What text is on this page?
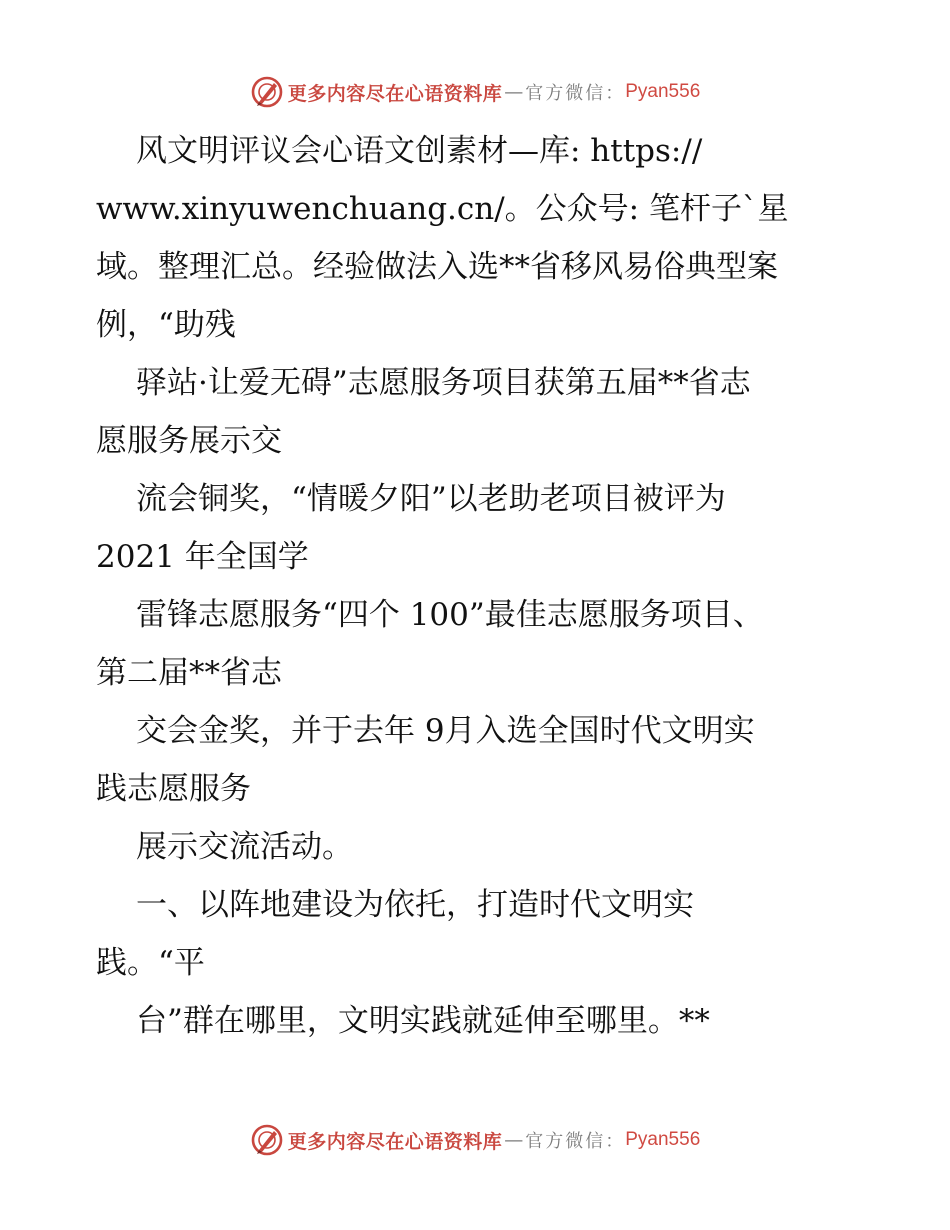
更多内容尽在心语资料库 — 官方微信： Pyan556
风文明评议会心语文创素材—库: https://
www.xinyuwenchuang.cn/。公众号: 笔杆子`星
域。整理汇总。经验做法入选**省移风易俗典型案
例，“助残
驿站·让爱无碍”志愿服务项目获第五届**省志
愿服务展示交
流会铜奖，“情暖夕阳”以老助老项目被评为
2021 年全国学
雷锋志愿服务“四个 100”最佳志愿服务项目、
第二届**省志
交会金奖，并于去年 9月入选全国时代文明实
践志愿服务
展示交流活动。
一、以阵地建设为依托，打造时代文明实
践。“平
台”群在哪里，文明实践就延伸至哪里。**
更多内容尽在心语资料库 — 官方微信： Pyan556
